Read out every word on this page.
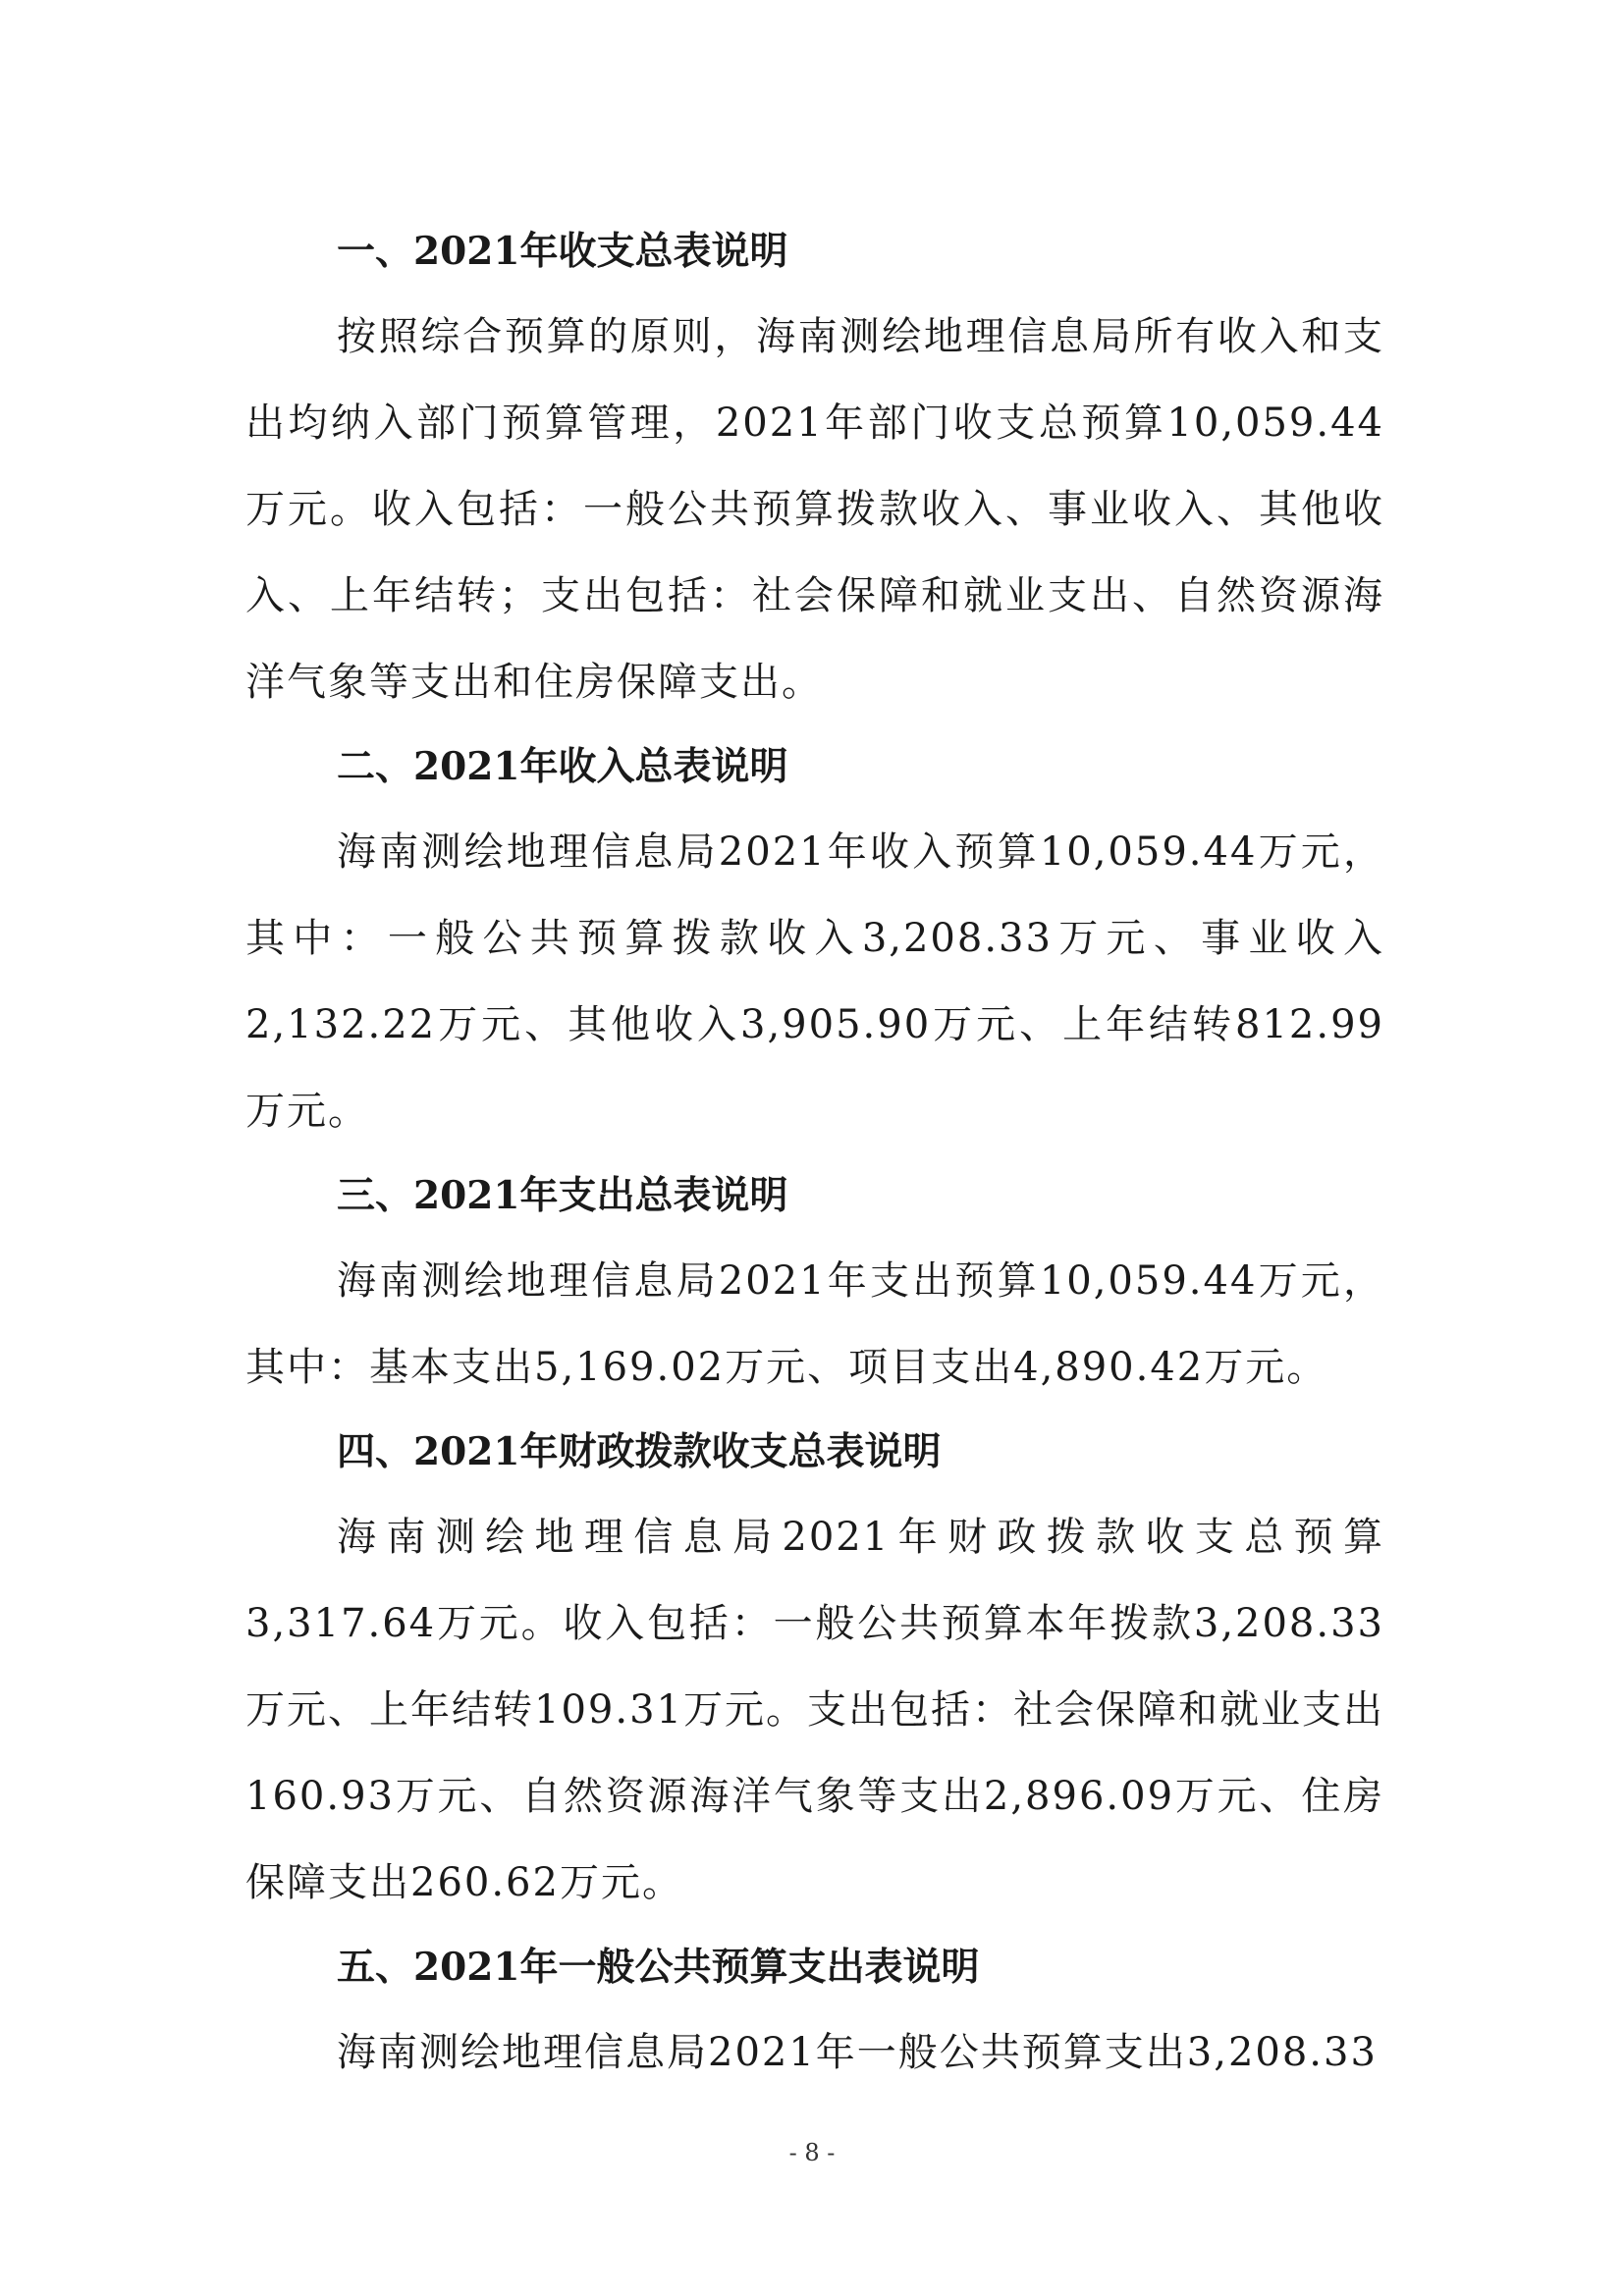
一、2021年收支总表说明

按照综合预算的原则，海南测绘地理信息局所有收入和支出均纳入部门预算管理，2021年部门收支总预算10,059.44万元。收入包括：一般公共预算拨款收入、事业收入、其他收入、上年结转；支出包括：社会保障和就业支出、自然资源海洋气象等支出和住房保障支出。

二、2021年收入总表说明

海南测绘地理信息局2021年收入预算10,059.44万元，其中：一般公共预算拨款收入3,208.33万元、事业收入2,132.22万元、其他收入3,905.90万元、上年结转812.99万元。

三、2021年支出总表说明

海南测绘地理信息局2021年支出预算10,059.44万元，其中：基本支出5,169.02万元、项目支出4,890.42万元。

四、2021年财政拨款收支总表说明

海南测绘地理信息局2021年财政拨款收支总预算3,317.64万元。收入包括：一般公共预算本年拨款3,208.33万元、上年结转109.31万元。支出包括：社会保障和就业支出160.93万元、自然资源海洋气象等支出2,896.09万元、住房保障支出260.62万元。

五、2021年一般公共预算支出表说明

海南测绘地理信息局2021年一般公共预算支出3,208.33

- 8 -
